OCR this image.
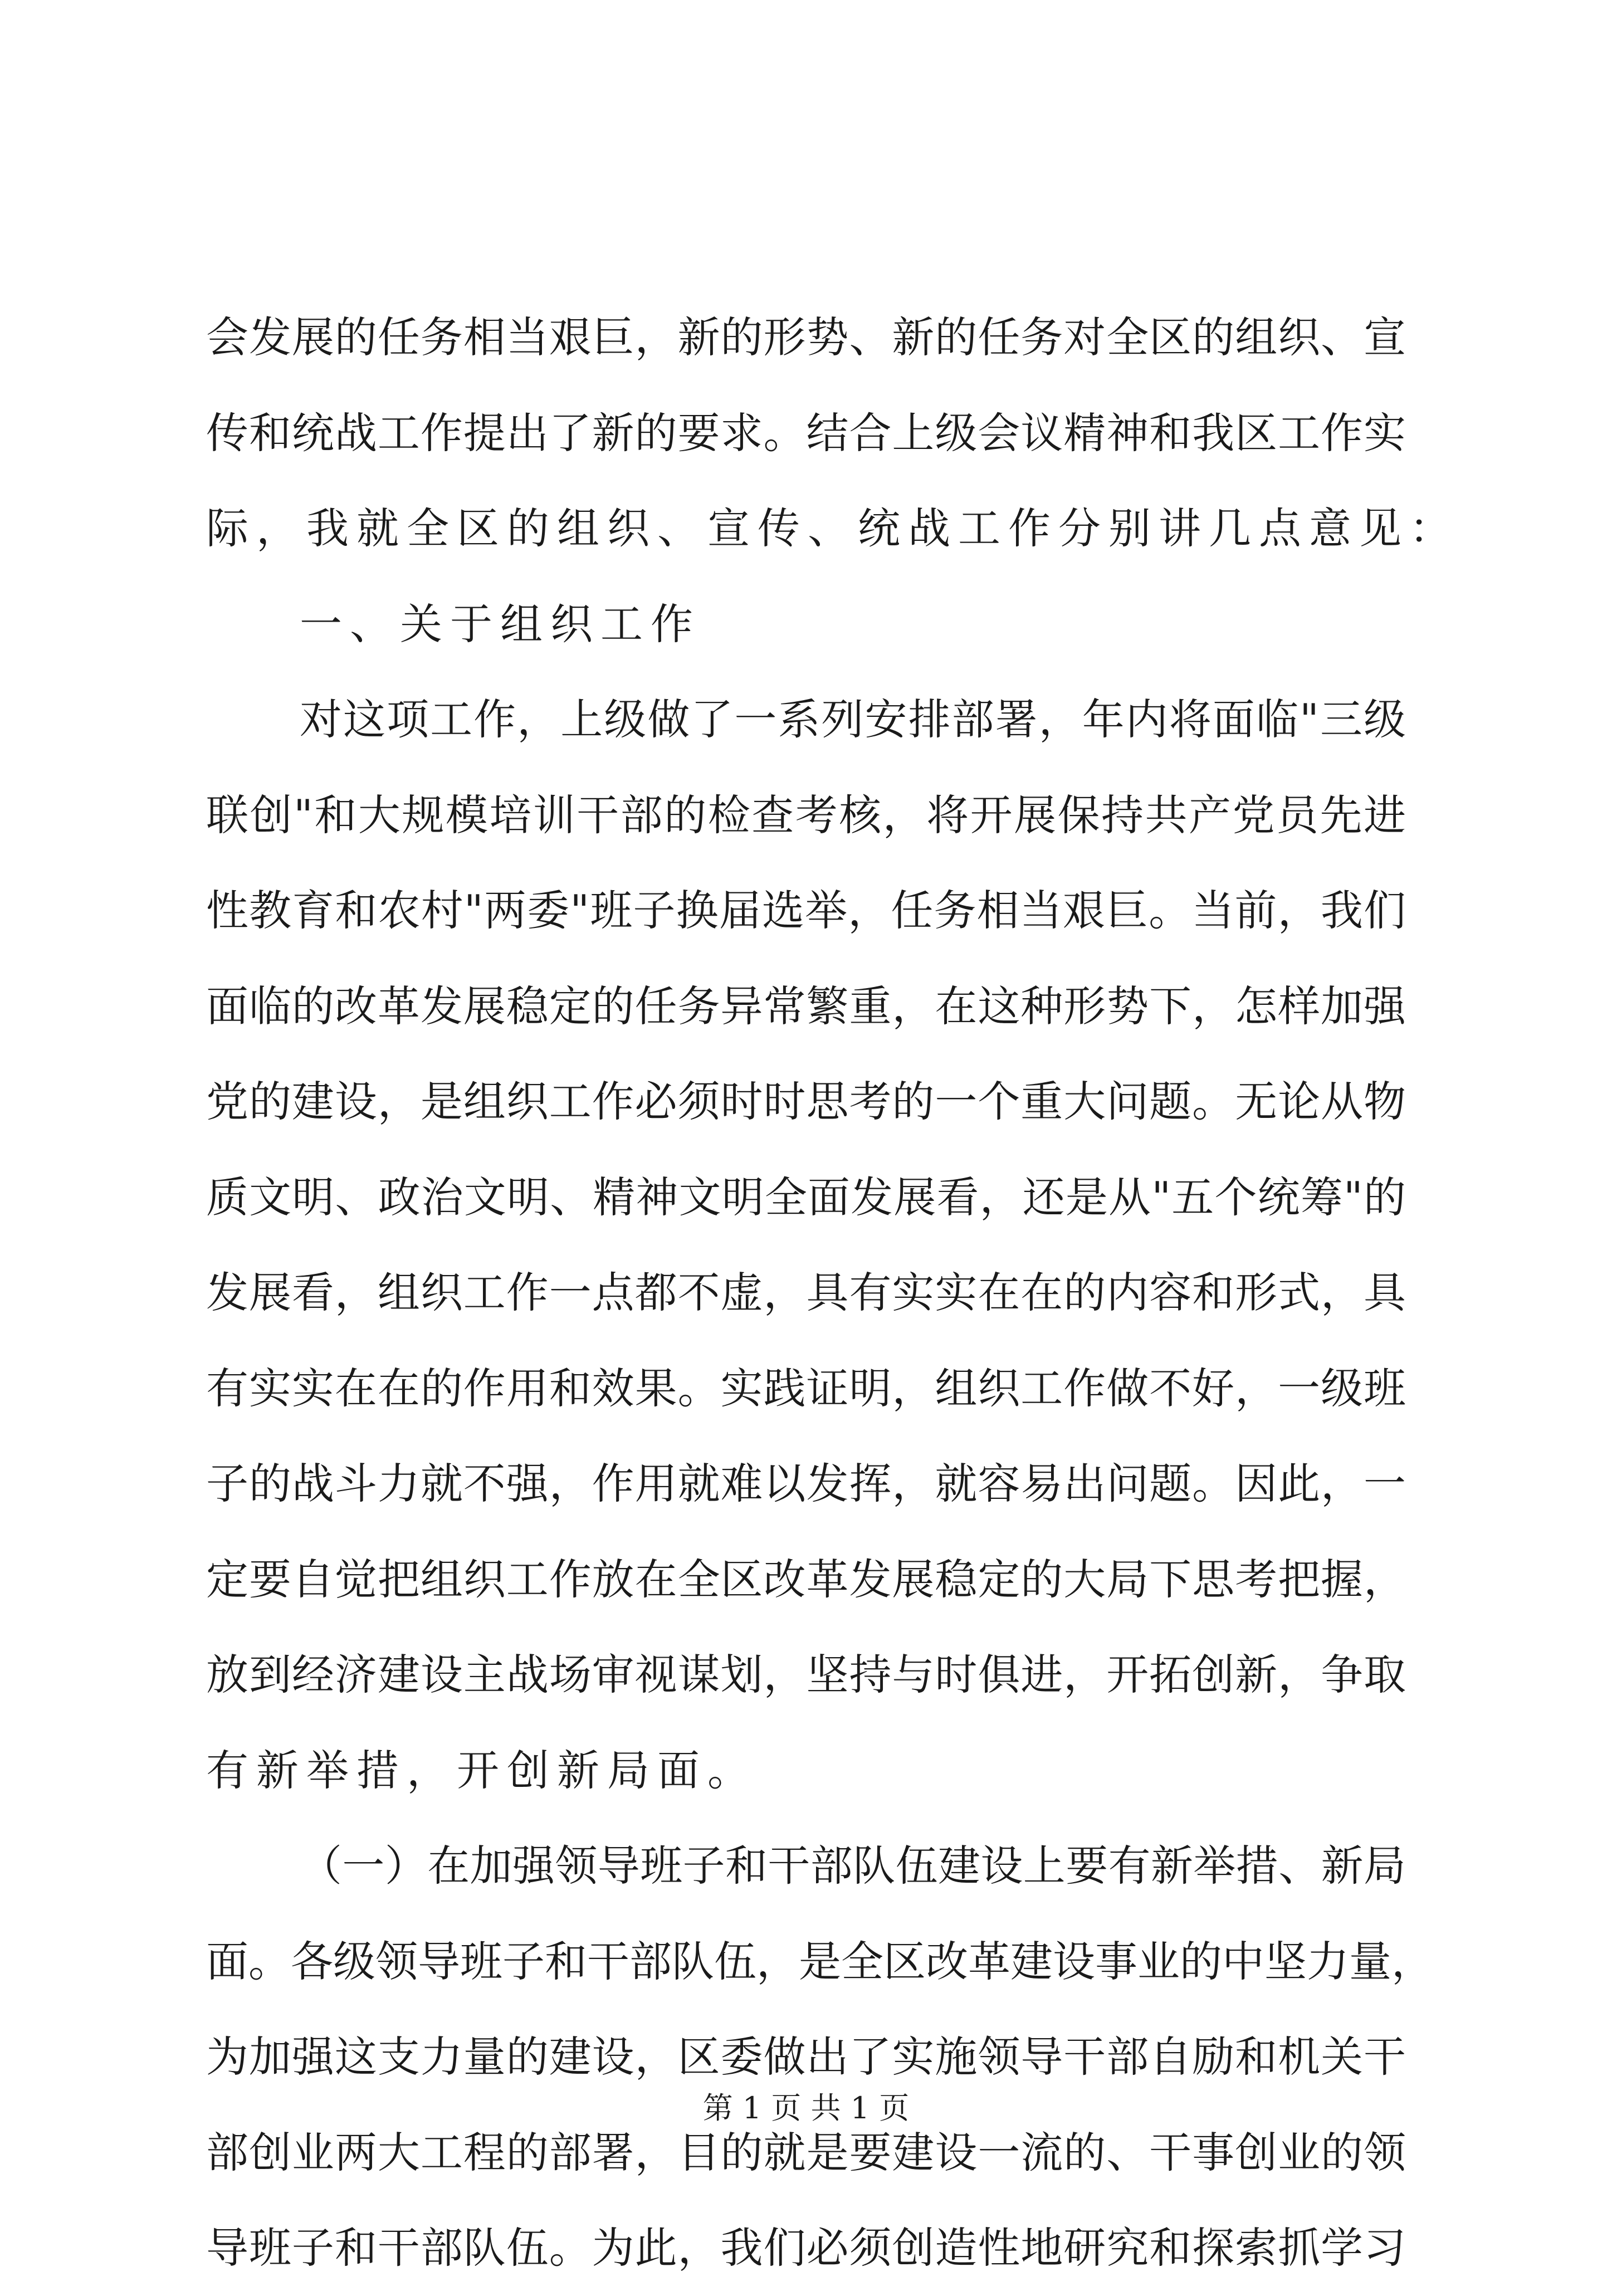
会发展的任务相当艰巨，新的形势、新的任务对全区的组织、宣
传和统战工作提出了新的要求。结合上级会议精神和我区工作实
际，我就全区的组织、宣传、统战工作分别讲几点意见：
一、关于组织工作
对这项工作，上级做了一系列安排部署，年内将面临"三级
联创"和大规模培训干部的检查考核，将开展保持共产党员先进
性教育和农村"两委"班子换届选举，任务相当艰巨。当前，我们
面临的改革发展稳定的任务异常繁重，在这种形势下，怎样加强
党的建设，是组织工作必须时时思考的一个重大问题。无论从物
质文明、政治文明、精神文明全面发展看，还是从"五个统筹"的
发展看，组织工作一点都不虚，具有实实在在的内容和形式，具
有实实在在的作用和效果。实践证明，组织工作做不好，一级班
子的战斗力就不强，作用就难以发挥，就容易出问题。因此，一
定要自觉把组织工作放在全区改革发展稳定的大局下思考把握，
放到经济建设主战场审视谋划，坚持与时俱进，开拓创新，争取
有新举措，开创新局面。
（一）在加强领导班子和干部队伍建设上要有新举措、新局
面。各级领导班子和干部队伍，是全区改革建设事业的中坚力量，
为加强这支力量的建设，区委做出了实施领导干部自励和机关干
部创业两大工程的部署，目的就是要建设一流的、干事创业的领
导班子和干部队伍。为此，我们必须创造性地研究和探索抓学习
第 1 页 共 1 页
